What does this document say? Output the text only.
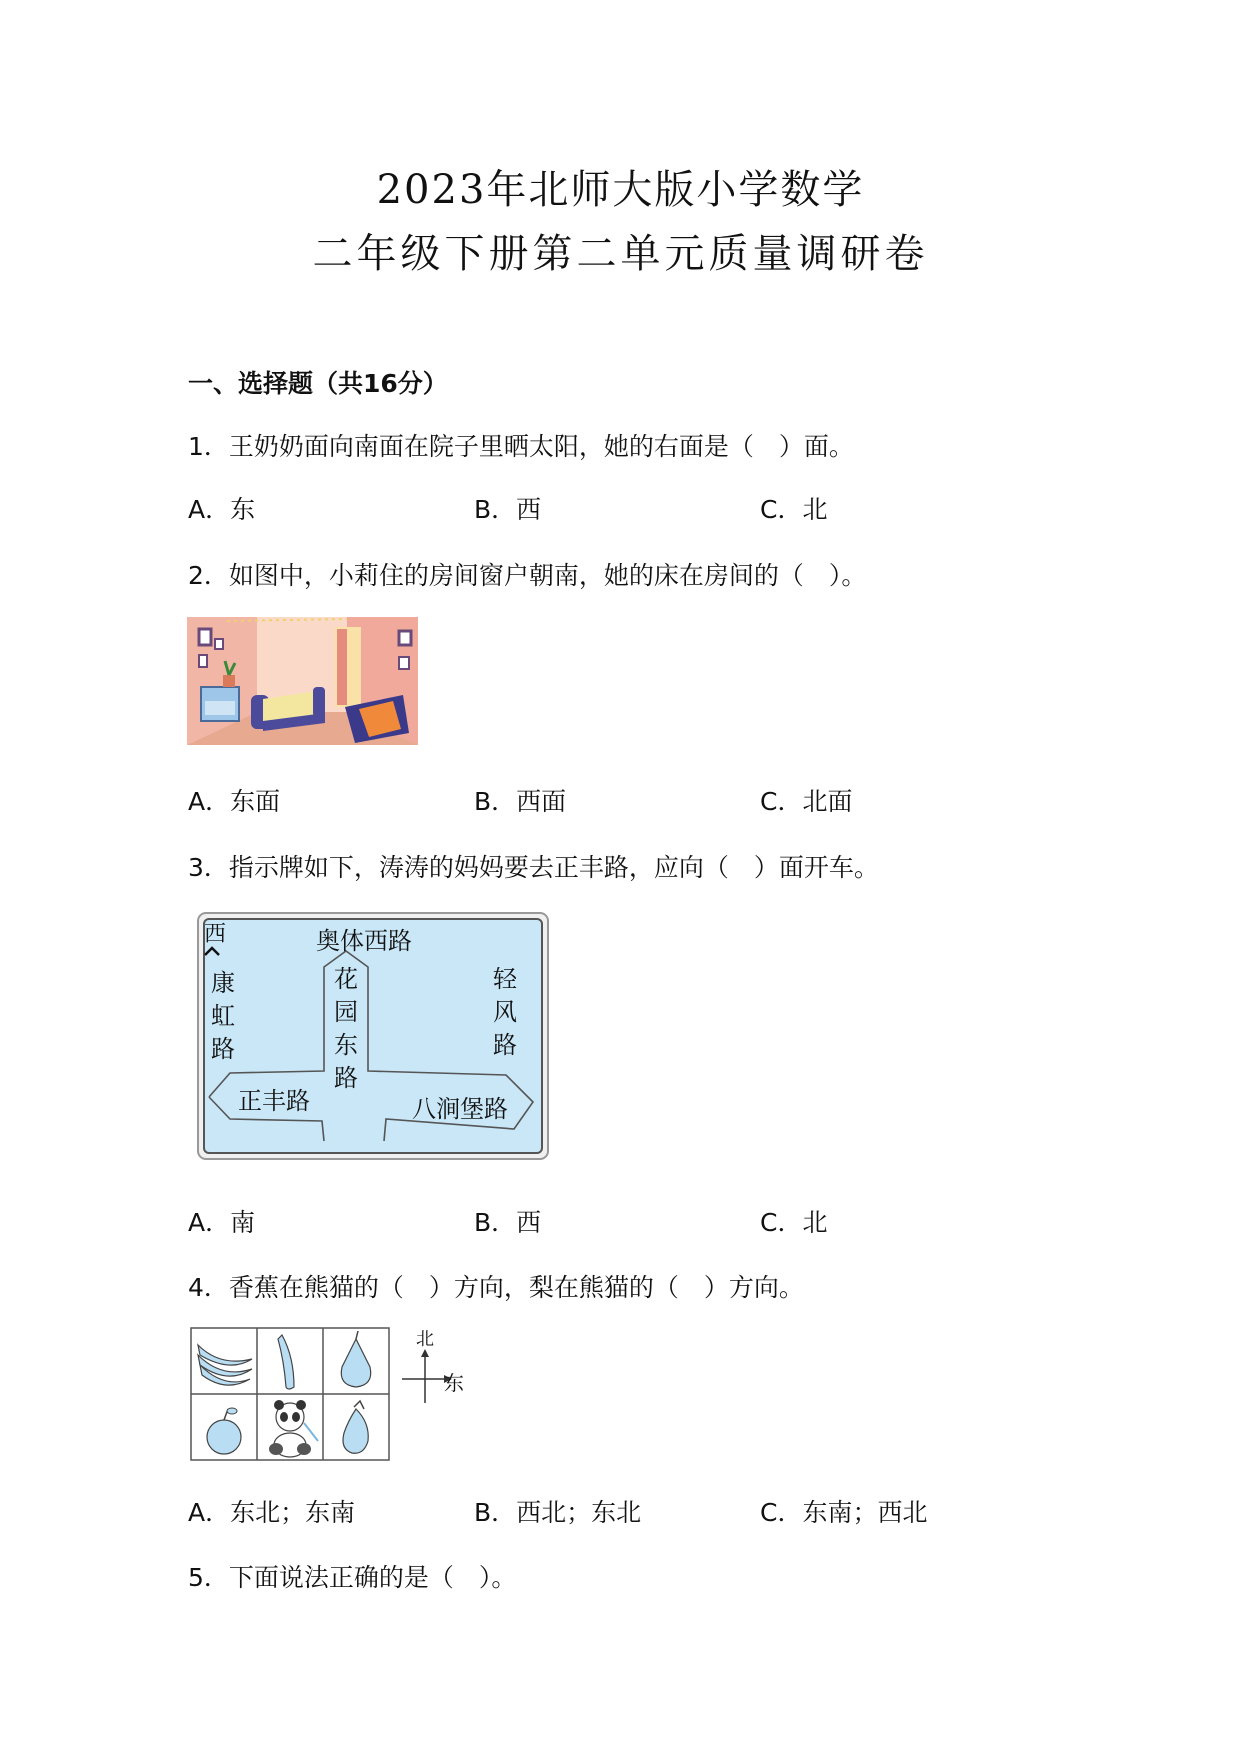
2023年北师大版小学数学
二年级下册第二单元质量调研卷
一、选择题（共16分）
1．王奶奶面向南面在院子里晒太阳，她的右面是（　）面。
A．东	B．西	C．北
2．如图中，小莉住的房间窗户朝南，她的床在房间的（　）。
A．东面	B．西面	C．北面
3．指示牌如下，涛涛的妈妈要去正丰路，应向（　）面开车。
西	奥体西路
康虹路
花园东路
轻风路
正丰路	八涧堡路
A．南	B．西	C．北
4．香蕉在熊猫的（　）方向，梨在熊猫的（　）方向。
北
东
A．东北；东南	B．西北；东北	C．东南；西北
5．下面说法正确的是（　）。
